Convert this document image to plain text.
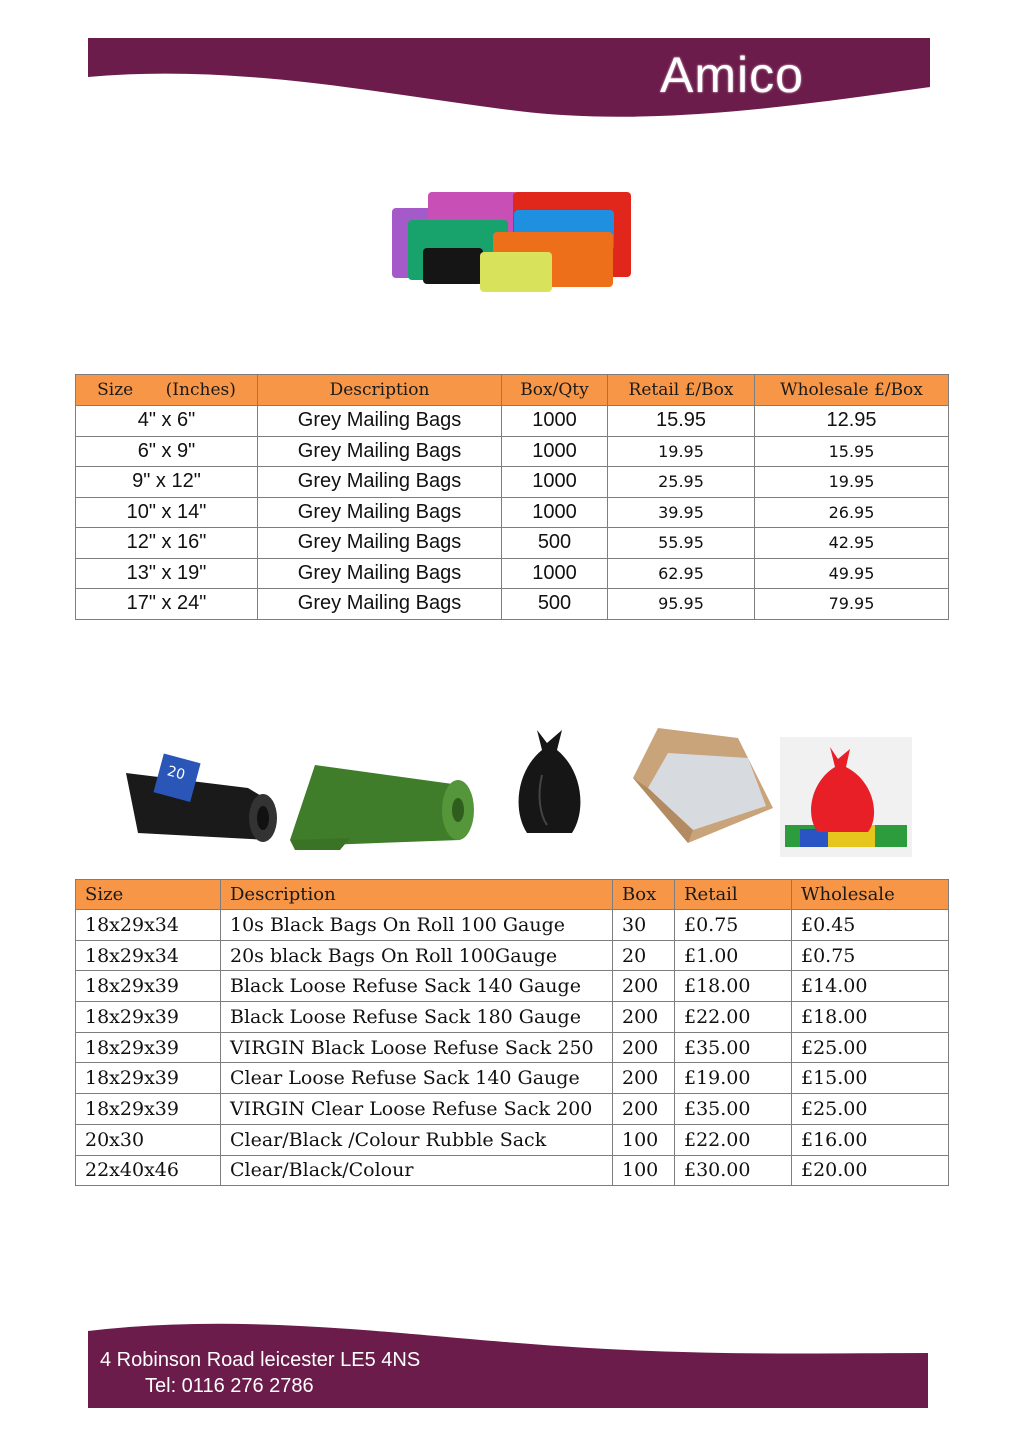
Amico
Size (Inches)	Description	Box/Qty	Retail £/Box	Wholesale £/Box
4" x 6"	Grey Mailing Bags	1000	15.95	12.95
6" x 9"	Grey Mailing Bags	1000	19.95	15.95
9" x 12"	Grey Mailing Bags	1000	25.95	19.95
10" x 14"	Grey Mailing Bags	1000	39.95	26.95
12" x 16"	Grey Mailing Bags	500	55.95	42.95
13" x 19"	Grey Mailing Bags	1000	62.95	49.95
17" x 24"	Grey Mailing Bags	500	95.95	79.95
20
Size	Description	Box	Retail	Wholesale
18x29x34	10s Black Bags On Roll 100 Gauge	30	£0.75	£0.45
18x29x34	20s black Bags On Roll 100Gauge	20	£1.00	£0.75
18x29x39	Black Loose Refuse Sack 140 Gauge	200	£18.00	£14.00
18x29x39	Black Loose Refuse Sack 180 Gauge	200	£22.00	£18.00
18x29x39	VIRGIN Black Loose Refuse Sack 250	200	£35.00	£25.00
18x29x39	Clear Loose Refuse Sack 140 Gauge	200	£19.00	£15.00
18x29x39	VIRGIN Clear Loose Refuse Sack 200	200	£35.00	£25.00
20x30	Clear/Black /Colour Rubble Sack	100	£22.00	£16.00
22x40x46	Clear/Black/Colour	100	£30.00	£20.00
4 Robinson Road leicester LE5 4NS
Tel: 0116 276 2786
